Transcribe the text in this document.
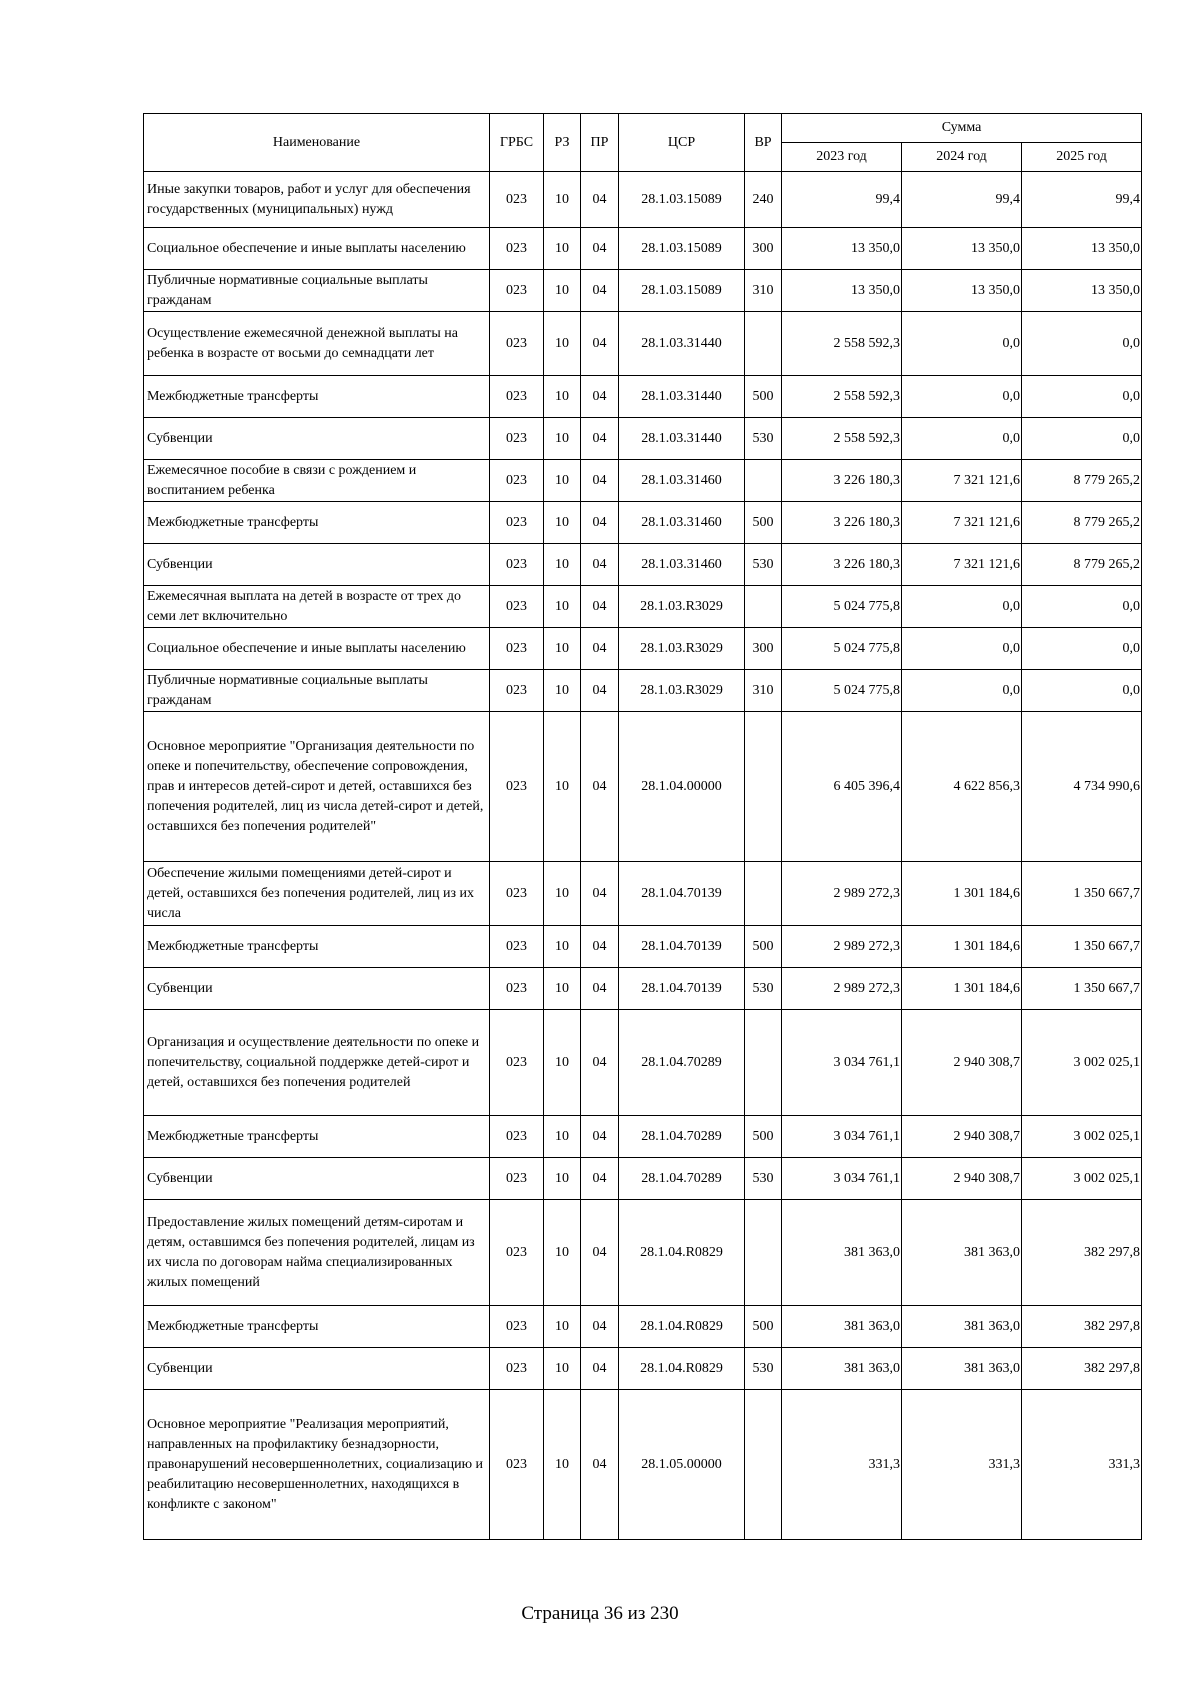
Наименование	ГРБС	РЗ	ПР	ЦСР	ВР	Сумма		
						2023 год	2024 год	2025 год
Иные закупки товаров, работ и услуг для обеспечения государственных (муниципальных) нужд	023	10	04	28.1.03.15089	240	99,4	99,4	99,4
Социальное обеспечение и иные выплаты населению	023	10	04	28.1.03.15089	300	13 350,0	13 350,0	13 350,0
Публичные нормативные социальные выплаты гражданам	023	10	04	28.1.03.15089	310	13 350,0	13 350,0	13 350,0
Осуществление ежемесячной денежной выплаты на ребенка в возрасте от восьми до семнадцати лет	023	10	04	28.1.03.31440		2 558 592,3	0,0	0,0
Межбюджетные трансферты	023	10	04	28.1.03.31440	500	2 558 592,3	0,0	0,0
Субвенции	023	10	04	28.1.03.31440	530	2 558 592,3	0,0	0,0
Ежемесячное пособие в связи с рождением и воспитанием ребенка	023	10	04	28.1.03.31460		3 226 180,3	7 321 121,6	8 779 265,2
Межбюджетные трансферты	023	10	04	28.1.03.31460	500	3 226 180,3	7 321 121,6	8 779 265,2
Субвенции	023	10	04	28.1.03.31460	530	3 226 180,3	7 321 121,6	8 779 265,2
Ежемесячная выплата на детей в возрасте от трех до семи лет включительно	023	10	04	28.1.03.R3029		5 024 775,8	0,0	0,0
Социальное обеспечение и иные выплаты населению	023	10	04	28.1.03.R3029	300	5 024 775,8	0,0	0,0
Публичные нормативные социальные выплаты гражданам	023	10	04	28.1.03.R3029	310	5 024 775,8	0,0	0,0
Основное мероприятие "Организация деятельности по опеке и попечительству, обеспечение сопровождения, прав и интересов детей-сирот и детей, оставшихся без попечения родителей, лиц из числа детей-сирот и детей, оставшихся без попечения родителей"	023	10	04	28.1.04.00000		6 405 396,4	4 622 856,3	4 734 990,6
Обеспечение жилыми помещениями детей-сирот и детей, оставшихся без попечения родителей, лиц из их числа	023	10	04	28.1.04.70139		2 989 272,3	1 301 184,6	1 350 667,7
Межбюджетные трансферты	023	10	04	28.1.04.70139	500	2 989 272,3	1 301 184,6	1 350 667,7
Субвенции	023	10	04	28.1.04.70139	530	2 989 272,3	1 301 184,6	1 350 667,7
Организация и осуществление деятельности по опеке и попечительству, социальной поддержке детей-сирот и детей, оставшихся без попечения родителей	023	10	04	28.1.04.70289		3 034 761,1	2 940 308,7	3 002 025,1
Межбюджетные трансферты	023	10	04	28.1.04.70289	500	3 034 761,1	2 940 308,7	3 002 025,1
Субвенции	023	10	04	28.1.04.70289	530	3 034 761,1	2 940 308,7	3 002 025,1
Предоставление жилых помещений детям-сиротам и детям, оставшимся без попечения родителей, лицам из их числа по договорам найма специализированных жилых помещений	023	10	04	28.1.04.R0829		381 363,0	381 363,0	382 297,8
Межбюджетные трансферты	023	10	04	28.1.04.R0829	500	381 363,0	381 363,0	382 297,8
Субвенции	023	10	04	28.1.04.R0829	530	381 363,0	381 363,0	382 297,8
Основное мероприятие "Реализация мероприятий, направленных на профилактику безнадзорности, правонарушений несовершеннолетних, социализацию и реабилитацию несовершеннолетних, находящихся в конфликте с законом"	023	10	04	28.1.05.00000		331,3	331,3	331,3
Страница 36 из 230
